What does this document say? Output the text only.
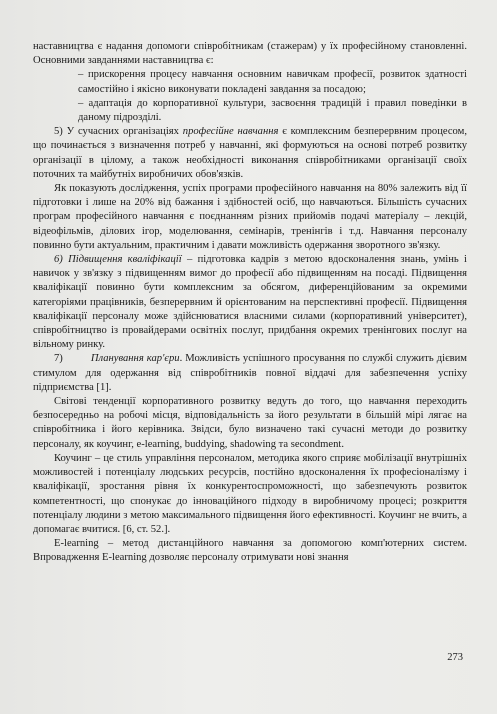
наставництва є надання допомоги співробітникам (стажерам) у їх професійному становленні. Основними завданнями наставництва є:

– прискорення процесу навчання основним навичкам професії, розвиток здатності самостійно і якісно виконувати покладені завдання за посадою;

– адаптація до корпоративної культури, засвоєння традицій і правил поведінки в даному підрозділі.

5) У сучасних організаціях професійне навчання є комплексним безперервним процесом, що починається з визначення потреб у навчанні, які формуються на основі потреб розвитку організації в цілому, а також необхідності виконання співробітниками організації своїх поточних та майбутніх виробничих обов'язків.

Як показують дослідження, успіх програми професійного навчання на 80% залежить від її підготовки і лише на 20% від бажання і здібностей осіб, що навчаються. Більшість сучасних програм професійного навчання є поєднанням різних прийомів подачі матеріалу – лекцій, відеофільмів, ділових ігор, моделювання, семінарів, тренінгів і т.д. Навчання персоналу повинно бути актуальним, практичним і давати можливість одержання зворотного зв'язку.

6) Підвищення кваліфікації – підготовка кадрів з метою вдосконалення знань, умінь і навичок у зв'язку з підвищенням вимог до професії або підвищенням на посаді. Підвищення кваліфікації повинно бути комплексним за обсягом, диференційованим за окремими категоріями працівників, безперервним й орієнтованим на перспективні професії. Підвищення кваліфікації персоналу може здійснюватися власними силами (корпоративний університет), співробітництво із провайдерами освітніх послуг, придбання окремих тренінгових послуг на вільному ринку.

7)	Планування кар'єри. Можливість успішного просування по службі служить дієвим стимулом для одержання від співробітників повної віддачі для забезпечення успіху підприємства [1].

Світові тенденції корпоративного розвитку ведуть до того, що навчання переходить безпосередньо на робочі місця, відповідальність за його результати в більшій мірі лягає на співробітника і його керівника. Звідси, було визначено такі сучасні методи до розвитку персоналу, як коучинг, e-learning, buddying, shadowing та secondment.

Коучинг – це стиль управління персоналом, методика якого сприяє мобілізації внутрішніх можливостей і потенціалу людських ресурсів, постійно вдосконалення їх професіоналізму і кваліфікації, зростання рівня їх конкурентоспроможності, що забезпечують розвиток компетентності, що спонукає до інноваційного підходу в виробничому процесі; розкриття потенціалу людини з метою максимального підвищення його ефективності. Коучинг не вчить, а допомагає вчитися. [6, ст. 52.].

E-learning – метод дистанційного навчання за допомогою комп'ютерних систем. Впровадження E-learning дозволяє персоналу отримувати нові знання

273
